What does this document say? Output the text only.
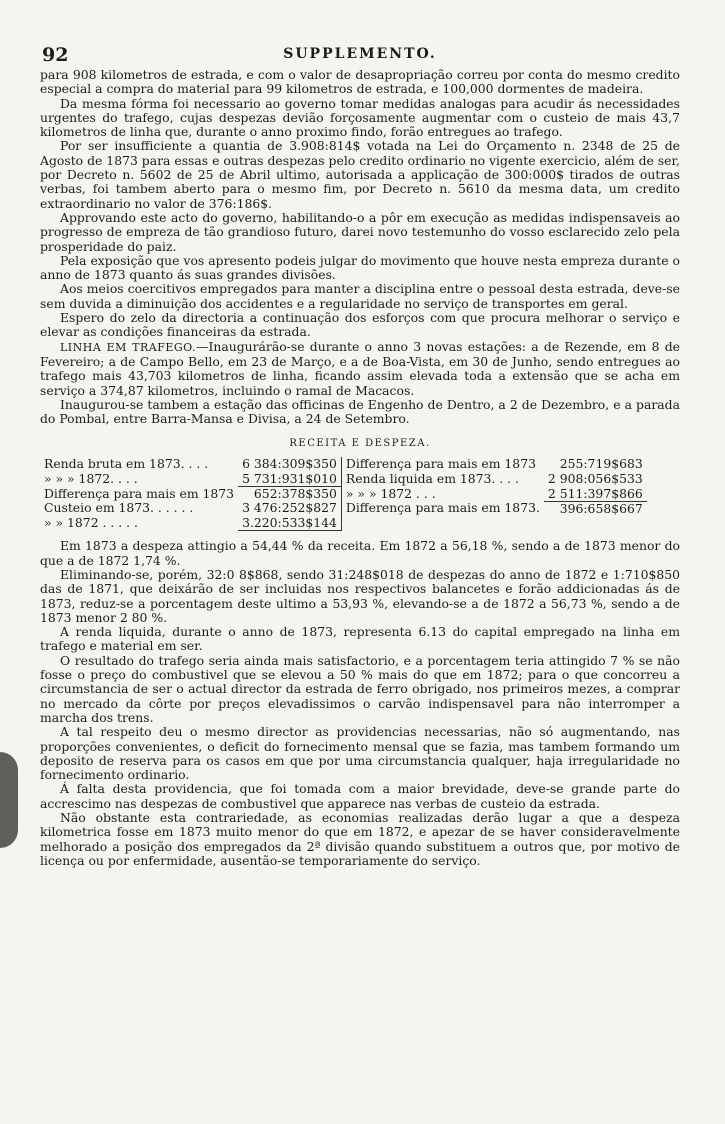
92	SUPPLEMENTO.

para 908 kilometros de estrada, e com o valor de desapropriação correu por conta do mesmo credito especial a compra do material para 99 kilometros de estrada, e 100,000 dormentes de madeira.

Da mesma fórma foi necessario ao governo tomar medidas analogas para acudir ás necessidades urgentes do trafego, cujas despezas devião forçosamente augmentar com o custeio de mais 43,7 kilometros de linha que, durante o anno proximo findo, forão entregues ao trafego.

Por ser insufficiente a quantia de 3.908:814$ votada na Lei do Orçamento n. 2348 de 25 de Agosto de 1873 para essas e outras despezas pelo credito ordinario no vigente exercicio, além de ser, por Decreto n. 5602 de 25 de Abril ultimo, autorisada a applicação de 300:000$ tirados de outras verbas, foi tambem aberto para o mesmo fim, por Decreto n. 5610 da mesma data, um credito extraordinario no valor de 376:186$.

Approvando este acto do governo, habilitando-o a pôr em execução as medidas indispensaveis ao progresso de empreza de tão grandioso futuro, darei novo testemunho do vosso esclarecido zelo pela prosperidade do paiz.

Pela exposição que vos apresento podeis julgar do movimento que houve nesta empreza durante o anno de 1873 quanto ás suas grandes divisões.

Aos meios coercitivos empregados para manter a disciplina entre o pessoal desta estrada, deve-se sem duvida a diminuição dos accidentes e a regularidade no serviço de transportes em geral.

Espero do zelo da directoria a continuação dos esforços com que procura melhorar o serviço e elevar as condições financeiras da estrada.

LINHA EM TRAFEGO.—Inaugurárão-se durante o anno 3 novas estações: a de Rezende, em 8 de Fevereiro; a de Campo Bello, em 23 de Março, e a de Boa-Vista, em 30 de Junho, sendo entregues ao trafego mais 43,703 kilometros de linha, ficando assim elevada toda a extensão que se acha em serviço a 374,87 kilometros, incluindo o ramal de Macacos.

Inaugurou-se tambem a estação das officinas de Engenho de Dentro, a 2 de Dezembro, e a parada do Pombal, entre Barra-Mansa e Divisa, a 24 de Setembro.

RECEITA E DESPEZA.
Renda bruta em 1873. . . .	6 384:309$350	Differença para mais em 1873	255:719$683
» » » 1872. . . .	5 731:931$010	Renda liquida em 1873. . . .	2 908:056$533
Differença para mais em 1873	652:378$350	» » » 1872 . . .	2 511:397$866
Custeio em 1873. . . . . .	3 476:252$827	Differença para mais em 1873.	396:658$667
» » 1872 . . . . .	3.220:533$144		

Em 1873 a despeza attingio a 54,44 % da receita. Em 1872 a 56,18 %, sendo a de 1873 menor do que a de 1872 1,74 %.

Eliminando-se, porém, 32:0 8$868, sendo 31:248$018 de despezas do anno de 1872 e 1:710$850 das de 1871, que deixárão de ser incluidas nos respectivos balancetes e forão addicionadas ás de 1873, reduz-se a porcentagem deste ultimo a 53,93 %, elevando-se a de 1872 a 56,73 %, sendo a de 1873 menor 2 80 %.

A renda liquida, durante o anno de 1873, representa 6.13 do capital empregado na linha em trafego e material em ser.

O resultado do trafego seria ainda mais satisfactorio, e a porcentagem teria attingido 7 % se não fosse o preço do combustivel que se elevou a 50 % mais do que em 1872; para o que concorreu a circumstancia de ser o actual director da estrada de ferro obrigado, nos primeiros mezes, a comprar no mercado da côrte por preços elevadissimos o carvão indispensavel para não interromper a marcha dos trens.

A tal respeito deu o mesmo director as providencias necessarias, não só augmentando, nas proporções convenientes, o deficit do fornecimento mensal que se fazia, mas tambem formando um deposito de reserva para os casos em que por uma circumstancia qualquer, haja irregularidade no fornecimento ordinario.

Á falta desta providencia, que foi tomada com a maior brevidade, deve-se grande parte do accrescimo nas despezas de combustivel que apparece nas verbas de custeio da estrada.

Não obstante esta contrariedade, as economias realizadas derão lugar a que a despeza kilometrica fosse em 1873 muito menor do que em 1872, e apezar de se haver consideravelmente melhorado a posição dos empregados da 2ª divisão quando substituem a outros que, por motivo de licença ou por enfermidade, ausentão-se temporariamente do serviço.
